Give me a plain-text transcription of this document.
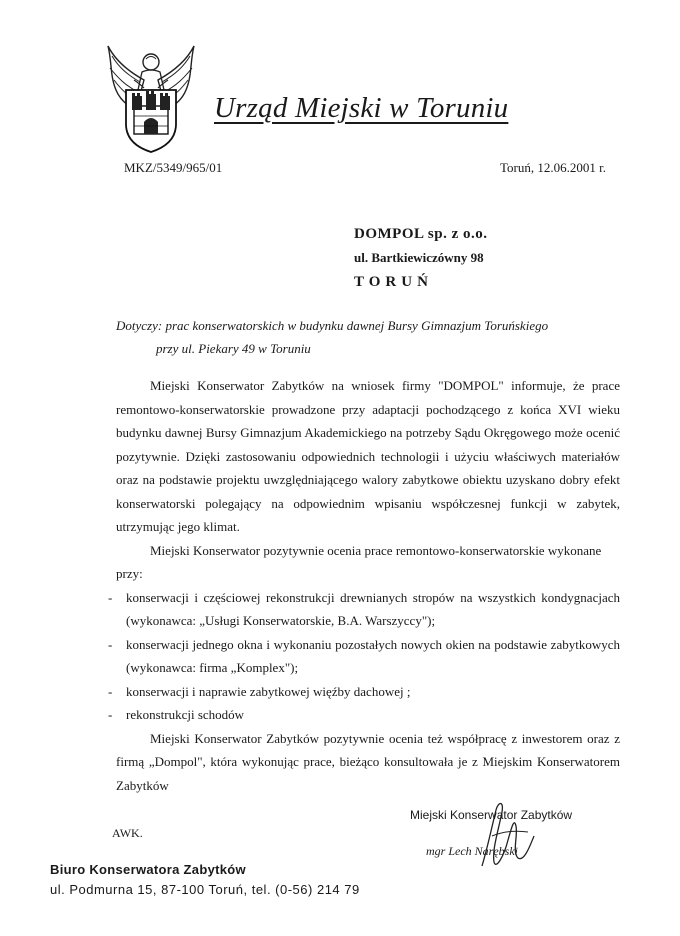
Urząd Miejski w Toruniu
MKZ/5349/965/01	Toruń, 12.06.2001 r.
DOMPOL sp. z o.o.
ul. Bartkiewiczówny 98
TORUŃ
Dotyczy: prac konserwatorskich w budynku dawnej Bursy Gimnazjum Toruńskiego
przy ul. Piekary 49 w Toruniu

Miejski Konserwator Zabytków na wniosek firmy "DOMPOL" informuje, że prace remontowo-konserwatorskie prowadzone przy adaptacji pochodzącego z końca XVI wieku budynku dawnej Bursy Gimnazjum Akademickiego na potrzeby Sądu Okręgowego może ocenić pozytywnie. Dzięki zastosowaniu odpowiednich technologii i użyciu właściwych materiałów oraz na podstawie projektu uwzględniającego walory zabytkowe obiektu uzyskano dobry efekt konserwatorski polegający na odpowiednim wpisaniu współczesnej funkcji w zabytek, utrzymując jego klimat.

Miejski Konserwator pozytywnie ocenia prace remontowo-konserwatorskie wykonane

przy:

- konserwacji i częściowej rekonstrukcji drewnianych stropów na wszystkich kondygnacjach (wykonawca: „Usługi Konserwatorskie, B.A. Warszyccy");
- konserwacji jednego okna i wykonaniu pozostałych nowych okien na podstawie zabytkowych (wykonawca: firma „Komplex");
- konserwacji i naprawie zabytkowej więźby dachowej ;
- rekonstrukcji schodów

Miejski Konserwator Zabytków pozytywnie ocenia też współpracę z inwestorem oraz z firmą „Dompol", która wykonując prace, bieżąco konsultowała je z Miejskim Konserwatorem Zabytków

Miejski Konserwator Zabytków
mgr Lech Narębski
AWK.
Biuro Konserwatora Zabytków
ul. Podmurna 15, 87-100 Toruń, tel. (0-56) 214 79
